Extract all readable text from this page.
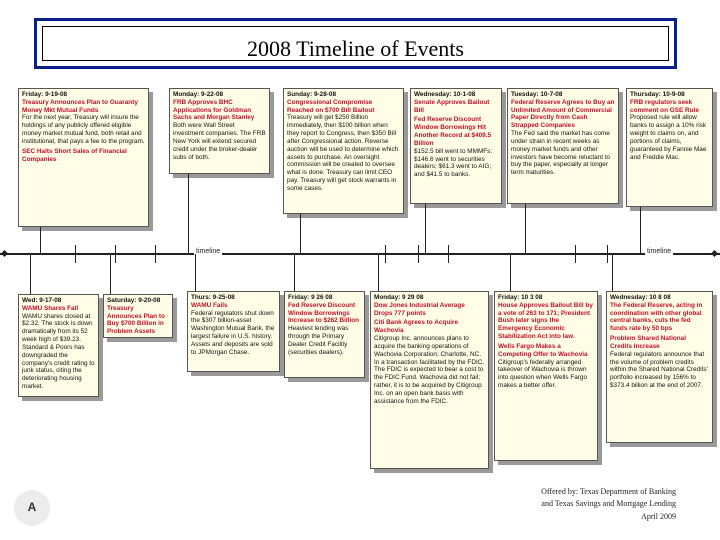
2008 Timeline of Events
Friday: 9-19-08
Treasury Announces Plan to Guaranty Money Mkt Mutual Funds
For the next year, Treasury will insure the holdings of any publicly offered eligible money market mutual fund, both retail and institutional, that pays a fee to the program.
SEC Halts Short Sales of Financial Companies
Monday: 9-22-08
FRB Approves BHC Applications for Goldman Sachs and Morgan Stanley
Both were Wall Street investment companies. The FRB New York will extend secured credit under the broker-dealer subs of both.
Sunday: 9-28-08
Congressional Compromise Reached on $700 Bill Bailout
Treasury will get $250 Billion immediately, then $100 billion when they report to Congress, then $350 Bill after Congressional action. Reverse auction will be used to determine which assets to purchase. An oversight commission will be created to oversee what is done. Treasury can limit CEO pay. Treasury will get stock warrants in some cases.
Wednesday: 10-1-08
Senate Approves Bailout Bill
Fed Reserve Discount Window Borrowings Hit Another Record at $409.5 Billion
$152.5 bill went to MMMFs; $146.6 went to securities dealers; $61.3 went to AIG; and $41.5 to banks.
Tuesday: 10-7-08
Federal Reserve Agrees to Buy an Unlimited Amount of Commercial Paper Directly from Cash Strapped Companies
The Fed said the market has come under strain in recent weeks as money market funds and other investors have become reluctant to buy the paper, especially at longer term maturities.
Thursday: 10-9-08
FRB regulators seek comment on GSE Rule
Proposed rule will allow banks to assign a 10% risk weight to claims on, and portions of claims, guaranteed by Fannie Mae and Freddie Mac.
timeline	timeline
Wed: 9-17-08
WAMU Shares Fall
WAMU shares closed at $2.32. The stock is down dramatically from its 52 week high of $39.23. Standard & Poors has downgraded the company's credit rating to junk status, citing the deteriorating housing market.
Saturday: 9-20-08
Treasury Announces Plan to Buy $700 Billion in Problem Assets
Thurs: 9-25-08
WAMU Fails
Federal regulators shut down the $307 billion-asset Washington Mutual Bank, the largest failure in U.S. history. Assets and deposits are sold to JPMorgan Chase.
Friday: 9 26 08
Fed Reserve Discount Window Borrowings Increase to $262 Billion
Heaviest lending was through the Primary Dealer Credit Facility (securities dealers).
Monday: 9 29 08
Dow Jones Industrial Average Drops 777 points
Citi Bank Agrees to Acquire Wachovia
Citigroup Inc. announces plans to acquire the banking operations of Wachovia Corporation; Charlotte, NC. In a transaction facilitated by the FDIC. The FDIC is expected to bear a cost to the FDIC Fund. Wachovia did not fail; rather, it is to be acquired by Citigroup Inc. on an open bank basis with assistance from the FDIC.
Friday: 10 3 08
House Approves Bailout Bill by a vote of 263 to 171; President Bush later signs the Emergency Economic Stabilization Act into law.
Wells Fargo Makes a Competing Offer to Wachovia
Citigroup's federally arranged takeover of Wachovia is thrown into question when Wells Fargo makes a better offer.
Wednesday: 10 8 08
The Federal Reserve, acting in coordination with other global central banks, cuts the fed funds rate by 50 bps
Problem Shared National Credits Increase
Federal regulators announce that the volume of problem credits within the Shared National Credits' portfolio increased by 156% to $373.4 billion at the end of 2007.
A
Offered by: Texas Department of Banking
and Texas Savings and Mortgage Lending
April 2009
